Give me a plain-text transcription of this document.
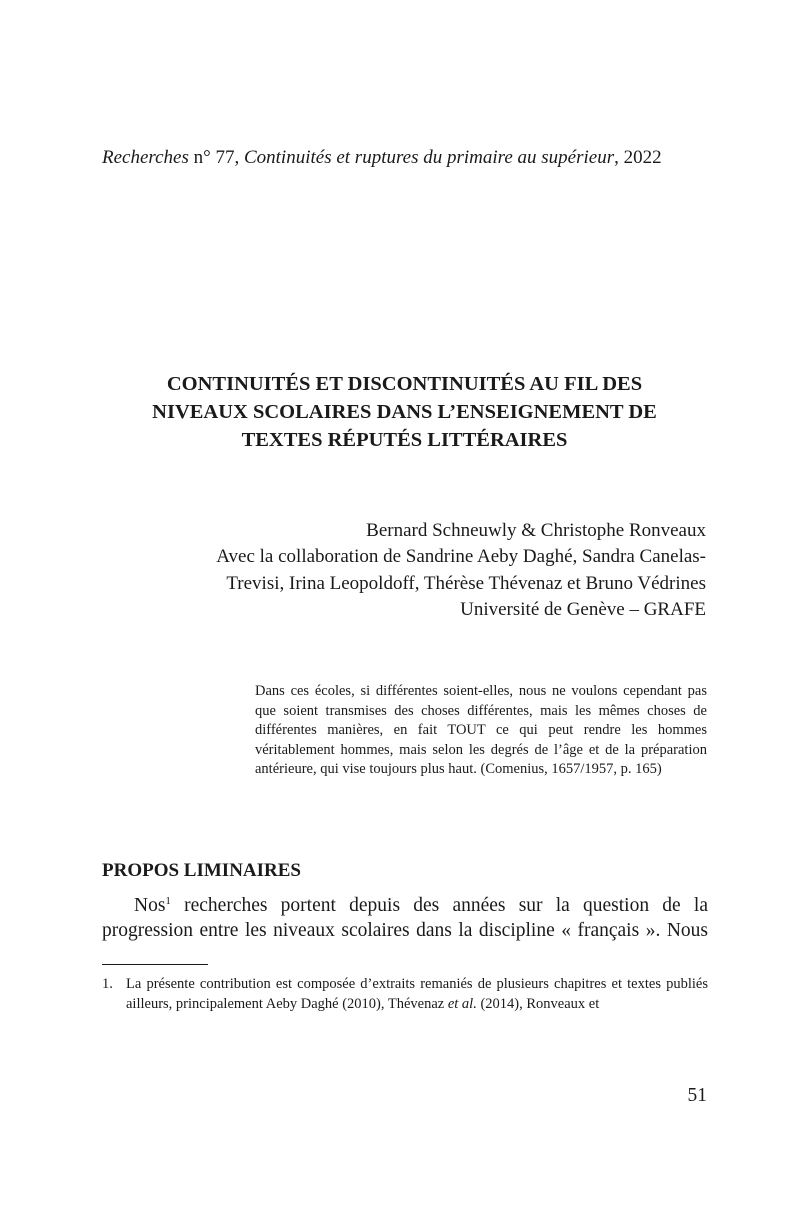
Recherches n° 77, Continuités et ruptures du primaire au supérieur, 2022
CONTINUITÉS ET DISCONTINUITÉS AU FIL DES
NIVEAUX SCOLAIRES DANS L’ENSEIGNEMENT DE
TEXTES RÉPUTÉS LITTÉRAIRES
Bernard Schneuwly & Christophe Ronveaux
Avec la collaboration de Sandrine Aeby Daghé, Sandra Canelas-
Trevisi, Irina Leopoldoff, Thérèse Thévenaz et Bruno Védrines
Université de Genève – GRAFE
Dans ces écoles, si différentes soient-elles, nous ne voulons cependant pas que soient transmises des choses différentes, mais les mêmes choses de différentes manières, en fait TOUT ce qui peut rendre les hommes véritablement hommes, mais selon les degrés de l’âge et de la préparation antérieure, qui vise toujours plus haut. (Comenius, 1657/1957, p. 165)
PROPOS LIMINAIRES
Nos$^1$ recherches portent depuis des années sur la question de la
progression entre les niveaux scolaires dans la discipline « français ». Nous
1. La présente contribution est composée d’extraits remaniés de plusieurs chapitres et textes publiés ailleurs, principalement Aeby Daghé (2010), Thévenaz et al. (2014), Ronveaux et
51
